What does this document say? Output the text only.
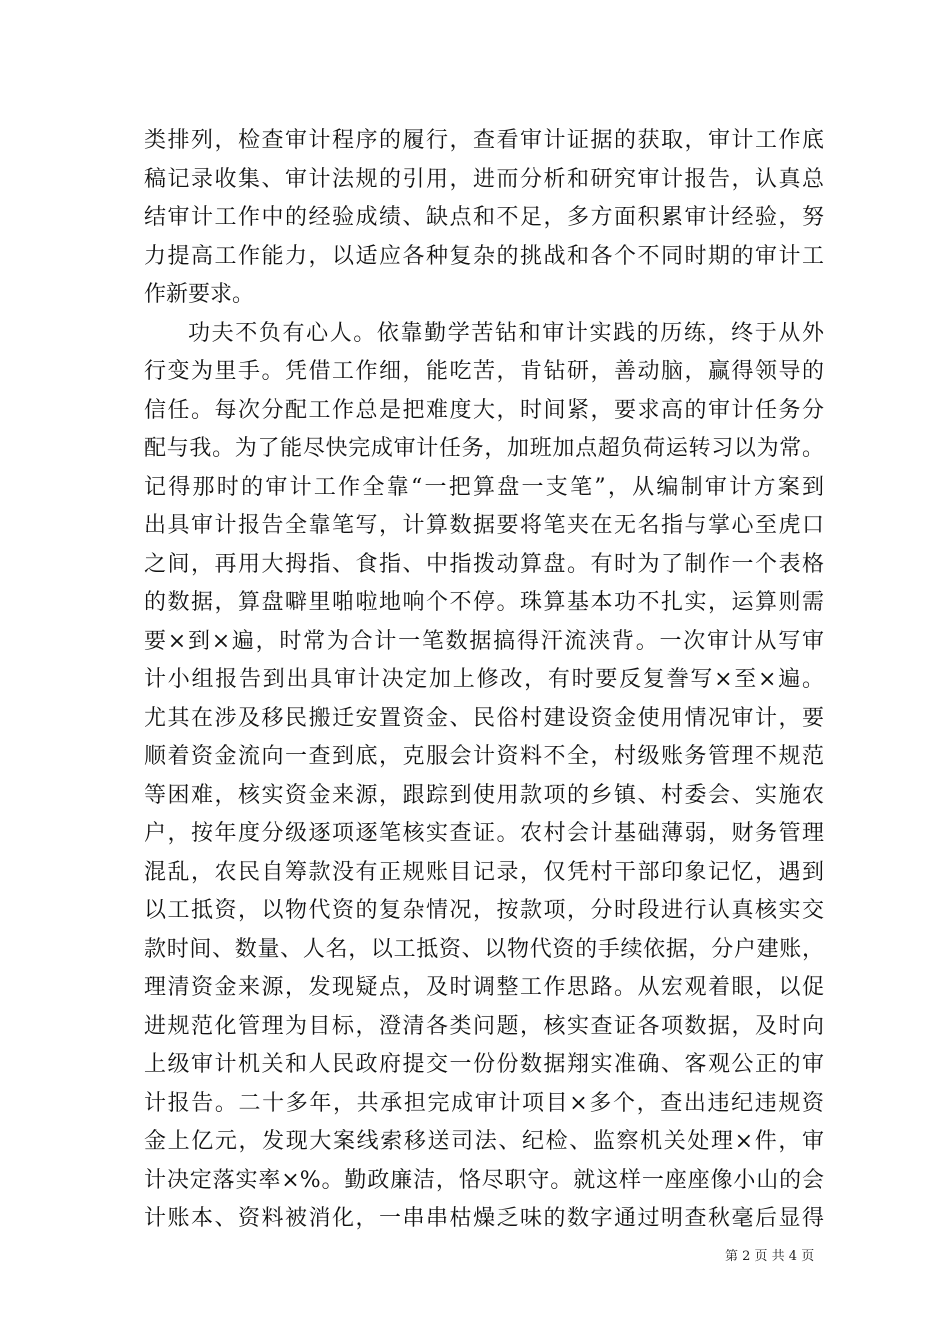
类排列，检查审计程序的履行，查看审计证据的获取，审计工作底
稿记录收集、审计法规的引用，进而分析和研究审计报告，认真总
结审计工作中的经验成绩、缺点和不足，多方面积累审计经验，努
力提高工作能力，以适应各种复杂的挑战和各个不同时期的审计工
作新要求。
功夫不负有心人。依靠勤学苦钻和审计实践的历练，终于从外
行变为里手。凭借工作细，能吃苦，肯钻研，善动脑，赢得领导的
信任。每次分配工作总是把难度大，时间紧，要求高的审计任务分
配与我。为了能尽快完成审计任务，加班加点超负荷运转习以为常。
记得那时的审计工作全靠“一把算盘一支笔”，从编制审计方案到
出具审计报告全靠笔写，计算数据要将笔夹在无名指与掌心至虎口
之间，再用大拇指、食指、中指拨动算盘。有时为了制作一个表格
的数据，算盘噼里啪啦地响个不停。珠算基本功不扎实，运算则需
要×到×遍，时常为合计一笔数据搞得汗流浃背。一次审计从写审
计小组报告到出具审计决定加上修改，有时要反复誊写×至×遍。
尤其在涉及移民搬迁安置资金、民俗村建设资金使用情况审计，要
顺着资金流向一查到底，克服会计资料不全，村级账务管理不规范
等困难，核实资金来源，跟踪到使用款项的乡镇、村委会、实施农
户，按年度分级逐项逐笔核实查证。农村会计基础薄弱，财务管理
混乱，农民自筹款没有正规账目记录，仅凭村干部印象记忆，遇到
以工抵资，以物代资的复杂情况，按款项，分时段进行认真核实交
款时间、数量、人名，以工抵资、以物代资的手续依据，分户建账，
理清资金来源，发现疑点，及时调整工作思路。从宏观着眼，以促
进规范化管理为目标，澄清各类问题，核实查证各项数据，及时向
上级审计机关和人民政府提交一份份数据翔实准确、客观公正的审
计报告。二十多年，共承担完成审计项目×多个，查出违纪违规资
金上亿元，发现大案线索移送司法、纪检、监察机关处理×件，审
计决定落实率×%。勤政廉洁，恪尽职守。就这样一座座像小山的会
计账本、资料被消化，一串串枯燥乏味的数字通过明查秋毫后显得
第 2 页 共 4 页
